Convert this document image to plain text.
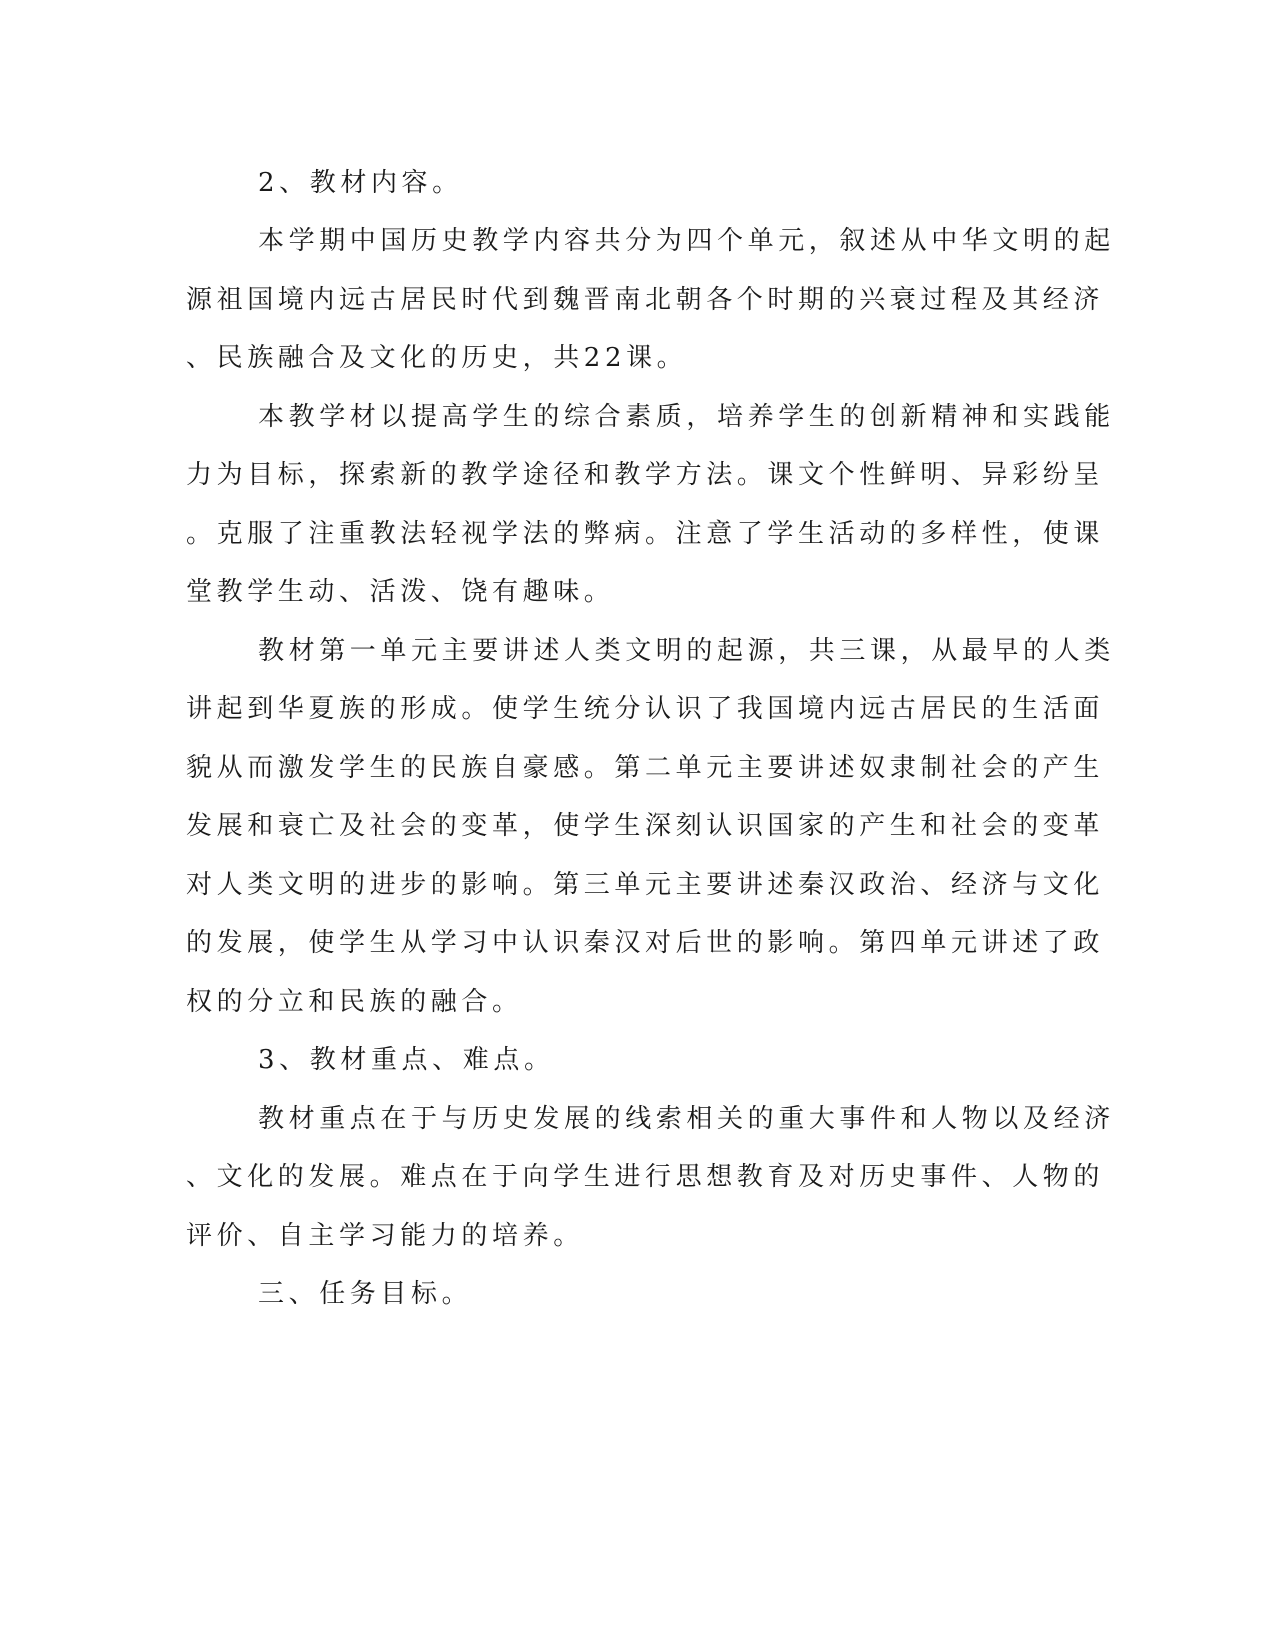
2、教材内容。

本学期中国历史教学内容共分为四个单元，叙述从中华文明的起

源祖国境内远古居民时代到魏晋南北朝各个时期的兴衰过程及其经济

、民族融合及文化的历史，共22课。

本教学材以提高学生的综合素质，培养学生的创新精神和实践能

力为目标，探索新的教学途径和教学方法。课文个性鲜明、异彩纷呈

。克服了注重教法轻视学法的弊病。注意了学生活动的多样性，使课

堂教学生动、活泼、饶有趣味。

教材第一单元主要讲述人类文明的起源，共三课，从最早的人类

讲起到华夏族的形成。使学生统分认识了我国境内远古居民的生活面

貌从而激发学生的民族自豪感。第二单元主要讲述奴隶制社会的产生

发展和衰亡及社会的变革，使学生深刻认识国家的产生和社会的变革

对人类文明的进步的影响。第三单元主要讲述秦汉政治、经济与文化

的发展，使学生从学习中认识秦汉对后世的影响。第四单元讲述了政

权的分立和民族的融合。

3、教材重点、难点。

教材重点在于与历史发展的线索相关的重大事件和人物以及经济

、文化的发展。难点在于向学生进行思想教育及对历史事件、人物的

评价、自主学习能力的培养。

三、任务目标。
